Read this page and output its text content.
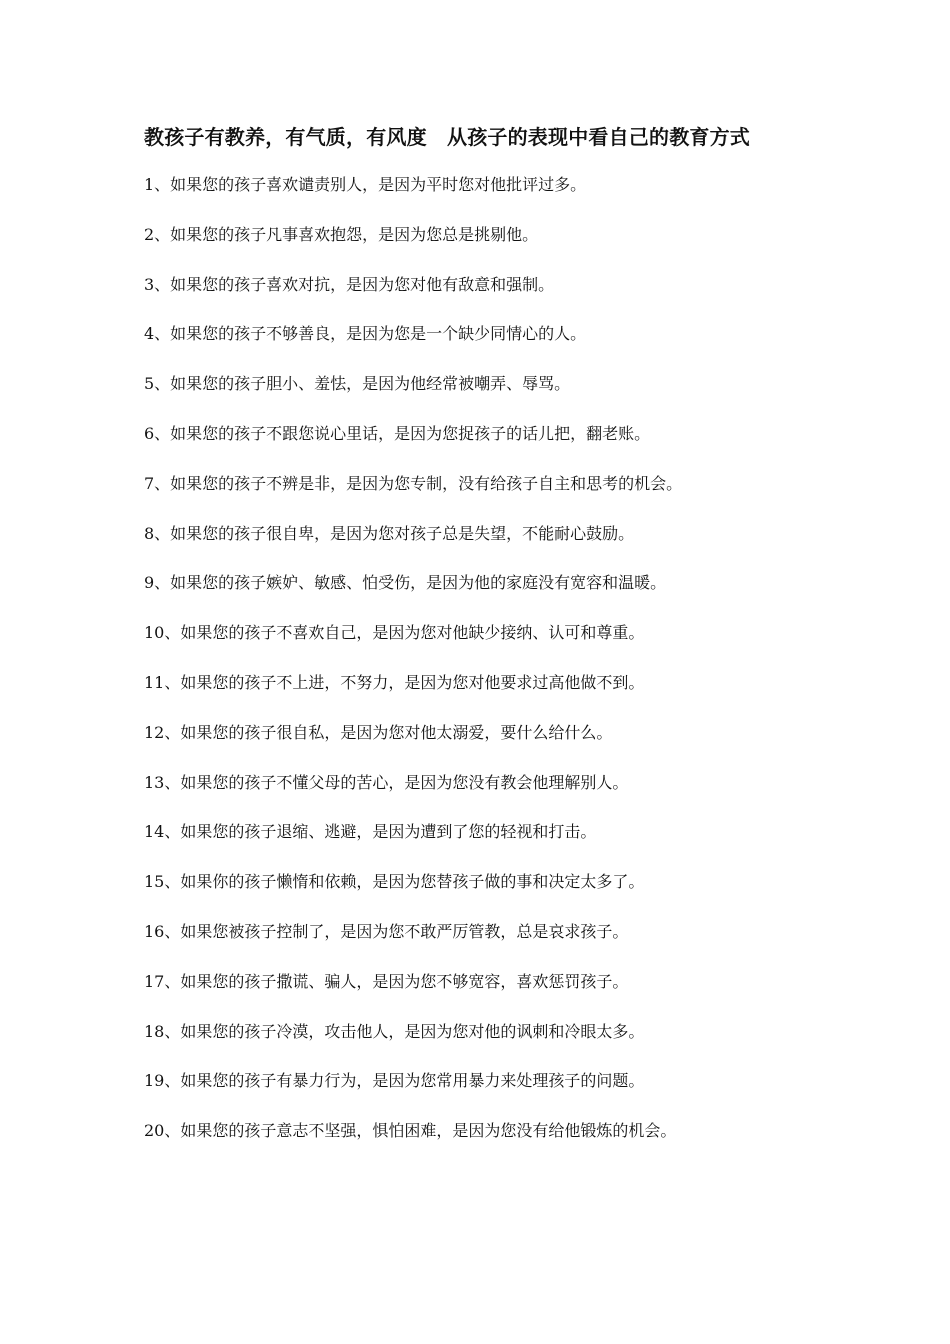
教孩子有教养，有气质，有风度　从孩子的表现中看自己的教育方式
1、如果您的孩子喜欢谴责别人，是因为平时您对他批评过多。
2、如果您的孩子凡事喜欢抱怨，是因为您总是挑剔他。
3、如果您的孩子喜欢对抗，是因为您对他有敌意和强制。
4、如果您的孩子不够善良，是因为您是一个缺少同情心的人。
5、如果您的孩子胆小、羞怯，是因为他经常被嘲弄、辱骂。
6、如果您的孩子不跟您说心里话，是因为您捉孩子的话儿把，翻老账。
7、如果您的孩子不辨是非，是因为您专制，没有给孩子自主和思考的机会。
8、如果您的孩子很自卑，是因为您对孩子总是失望，不能耐心鼓励。
9、如果您的孩子嫉妒、敏感、怕受伤，是因为他的家庭没有宽容和温暖。
10、如果您的孩子不喜欢自己，是因为您对他缺少接纳、认可和尊重。
11、如果您的孩子不上进，不努力，是因为您对他要求过高他做不到。
12、如果您的孩子很自私，是因为您对他太溺爱，要什么给什么。
13、如果您的孩子不懂父母的苦心，是因为您没有教会他理解别人。
14、如果您的孩子退缩、逃避，是因为遭到了您的轻视和打击。
15、如果你的孩子懒惰和依赖，是因为您替孩子做的事和决定太多了。
16、如果您被孩子控制了，是因为您不敢严厉管教，总是哀求孩子。
17、如果您的孩子撒谎、骗人，是因为您不够宽容，喜欢惩罚孩子。
18、如果您的孩子冷漠，攻击他人，是因为您对他的讽刺和冷眼太多。
19、如果您的孩子有暴力行为，是因为您常用暴力来处理孩子的问题。
20、如果您的孩子意志不坚强，惧怕困难，是因为您没有给他锻炼的机会。
